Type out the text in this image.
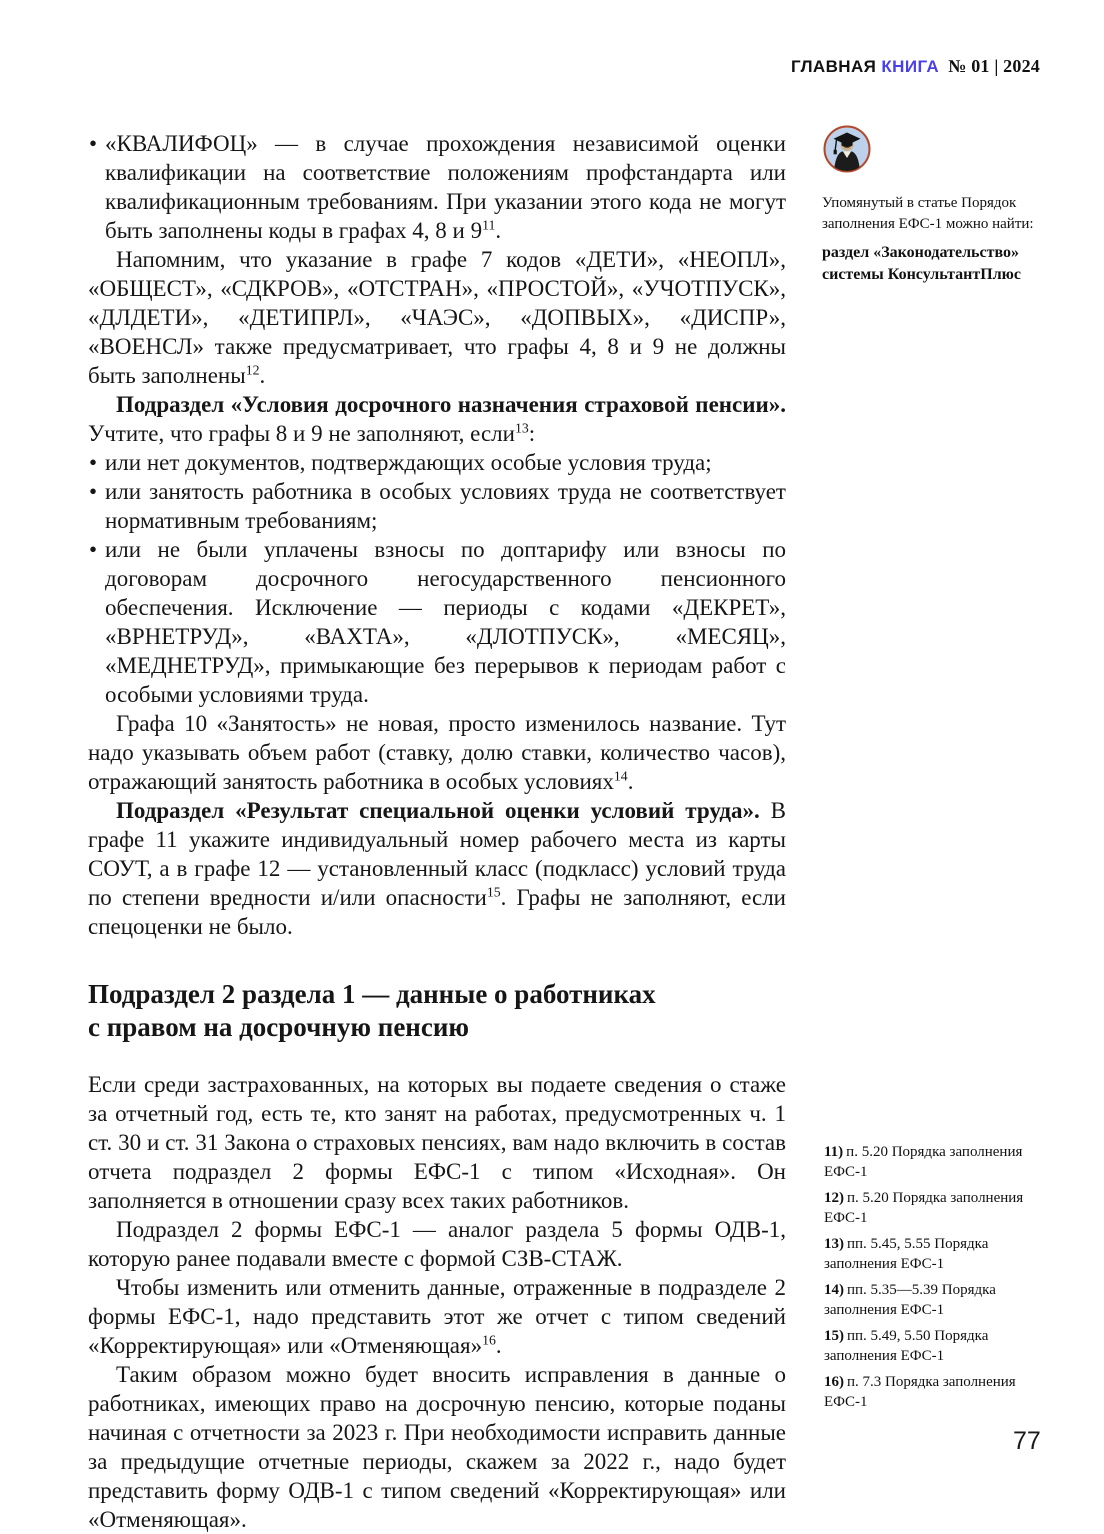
ГЛАВНАЯ КНИГА № 01 | 2024

Упомянутый в статье Порядок заполнения ЕФС-1 можно найти:

раздел «Законодательство» системы КонсультантПлюс

• «КВАЛИФОЦ» — в случае прохождения независимой оценки квалификации на соответствие положениям профстандарта или квалификационным требованиям. При указании этого кода не могут быть заполнены коды в графах 4, 8 и $9^{11}$.

Напомним, что указание в графе 7 кодов «ДЕТИ», «НЕОПЛ», «ОБЩЕСТ», «СДКРОВ», «ОТСТРАН», «ПРОСТОЙ», «УЧОТПУСК», «ДЛДЕТИ», «ДЕТИПРЛ», «ЧАЭС», «ДОПВЫХ», «ДИСПР», «ВОЕНСЛ» также предусматривает, что графы 4, 8 и 9 не должны быть заполнены$^{12}$.

Подраздел «Условия досрочного назначения страховой пенсии». Учтите, что графы 8 и 9 не заполняют, если$^{13}$:

• или нет документов, подтверждающих особые условия труда;
• или занятость работника в особых условиях труда не соответствует нормативным требованиям;
• или не были уплачены взносы по доптарифу или взносы по договорам досрочного негосударственного пенсионного обеспечения. Исключение — периоды с кодами «ДЕКРЕТ», «ВРНЕТРУД», «ВАХТА», «ДЛОТПУСК», «МЕСЯЦ», «МЕДНЕТРУД», примыкающие без перерывов к периодам работ с особыми условиями труда.

Графа 10 «Занятость» не новая, просто изменилось название. Тут надо указывать объем работ (ставку, долю ставки, количество часов), отражающий занятость работника в особых условиях$^{14}$.

Подраздел «Результат специальной оценки условий труда». В графе 11 укажите индивидуальный номер рабочего места из карты СОУТ, а в графе 12 — установленный класс (подкласс) условий труда по степени вредности и/или опасности$^{15}$. Графы не заполняют, если спецоценки не было.

Подраздел 2 раздела 1 — данные о работниках
с правом на досрочную пенсию

Если среди застрахованных, на которых вы подаете сведения о стаже за отчетный год, есть те, кто занят на работах, предусмотренных ч. 1 ст. 30 и ст. 31 Закона о страховых пенсиях, вам надо включить в состав отчета подраздел 2 формы ЕФС-1 с типом «Исходная». Он заполняется в отношении сразу всех таких работников.

Подраздел 2 формы ЕФС-1 — аналог раздела 5 формы ОДВ-1, которую ранее подавали вместе с формой СЗВ-СТАЖ.

Чтобы изменить или отменить данные, отраженные в подразделе 2 формы ЕФС-1, надо представить этот же отчет с типом сведений «Корректирующая» или «Отменяющая»$^{16}$.

Таким образом можно будет вносить исправления в данные о работниках, имеющих право на досрочную пенсию, которые поданы начиная с отчетности за 2023 г. При необходимости исправить данные за предыдущие отчетные периоды, скажем за 2022 г., надо будет представить форму ОДВ-1 с типом сведений «Корректирующая» или «Отменяющая».

11) п. 5.20 Порядка заполнения ЕФС-1

12) п. 5.20 Порядка заполнения ЕФС-1

13) пп. 5.45, 5.55 Порядка заполнения ЕФС-1

14) пп. 5.35—5.39 Порядка заполнения ЕФС-1

15) пп. 5.49, 5.50 Порядка заполнения ЕФС-1

16) п. 7.3 Порядка заполнения ЕФС-1

77
